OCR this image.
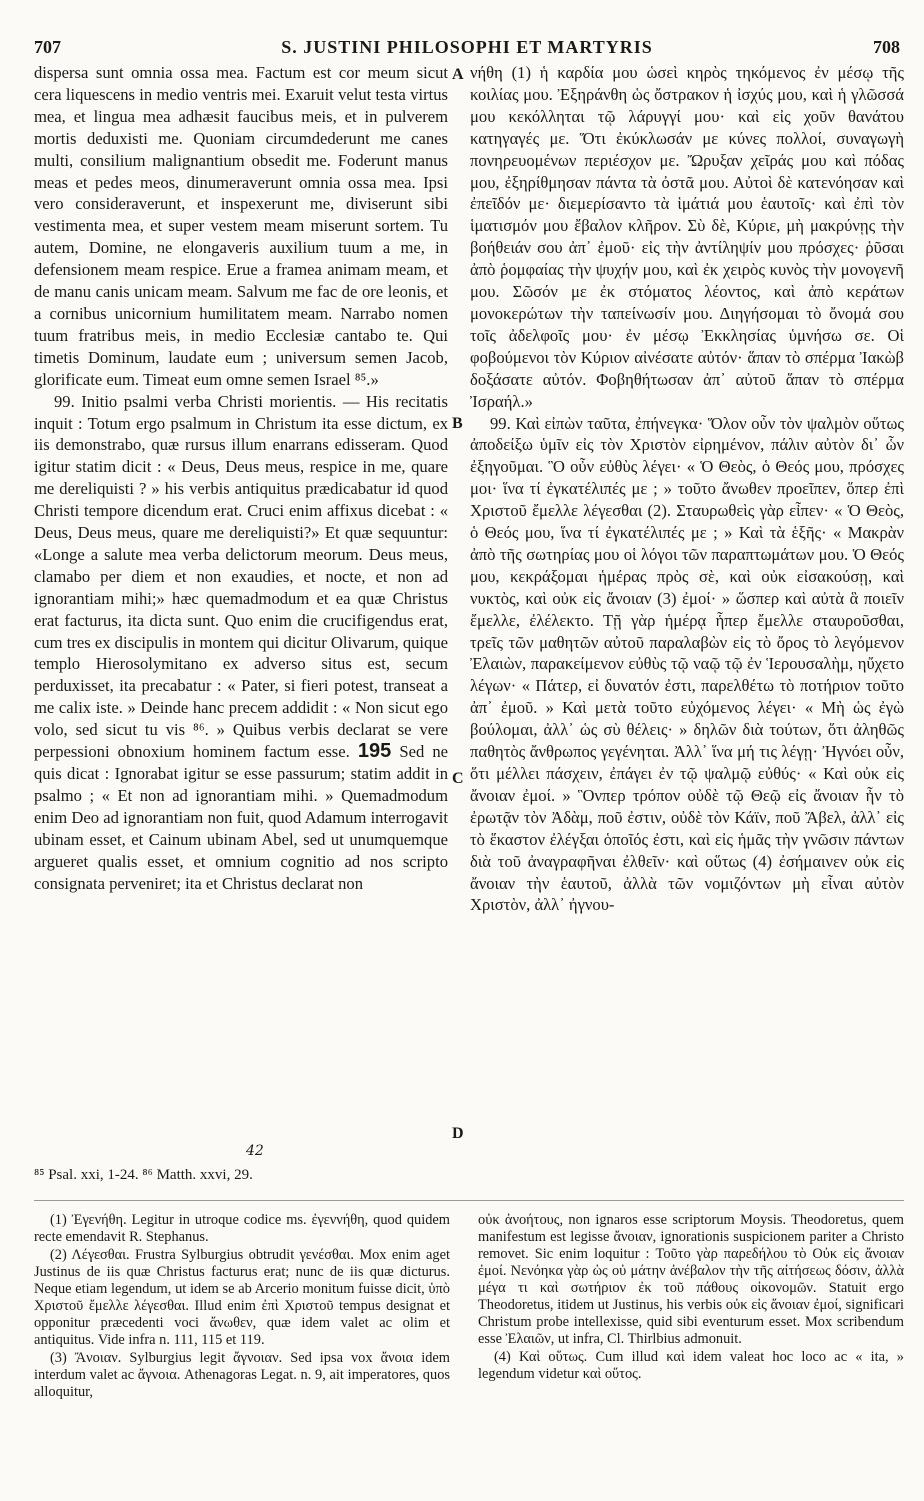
707	S. JUSTINI PHILOSOPHI ET MARTYRIS	708

dispersa sunt omnia ossa mea. Factum est cor meum sicut cera liquescens in medio ventris mei. Exaruit velut testa virtus mea, et lingua mea adhæsit faucibus meis, et in pulverem mortis deduxisti me. Quoniam circumdederunt me canes multi, consilium malignantium obsedit me. Foderunt manus meas et pedes meos, dinumeraverunt omnia ossa mea. Ipsi vero consideraverunt, et inspexerunt me, diviserunt sibi vestimenta mea, et super vestem meam miserunt sortem. Tu autem, Domine, ne elongaveris auxilium tuum a me, in defensionem meam respice. Erue a framea animam meam, et de manu canis unicam meam. Salvum me fac de ore leonis, et a cornibus unicornium humilitatem meam. Narrabo nomen tuum fratribus meis, in medio Ecclesiæ cantabo te. Qui timetis Dominum, laudate eum ; universum semen Jacob, glorificate eum. Timeat eum omne semen Israel ⁸⁵.»

99. Initio psalmi verba Christi morientis. — His recitatis inquit : Totum ergo psalmum in Christum ita esse dictum, ex iis demonstrabo, quæ rursus illum enarrans edisseram. Quod igitur statim dicit : « Deus, Deus meus, respice in me, quare me dereliquisti ? » his verbis antiquitus prædicabatur id quod Christi tempore dicendum erat. Cruci enim affixus dicebat : « Deus, Deus meus, quare me dereliquisti?» Et quæ sequuntur: «Longe a salute mea verba delictorum meorum. Deus meus, clamabo per diem et non exaudies, et nocte, et non ad ignorantiam mihi;» hæc quemadmodum et ea quæ Christus erat facturus, ita dicta sunt. Quo enim die crucifigendus erat, cum tres ex discipulis in montem qui dicitur Olivarum, quique templo Hierosolymitano ex adverso situs est, secum perduxisset, ita precabatur : « Pater, si fieri potest, transeat a me calix iste. » Deinde hanc precem addidit : « Non sicut ego volo, sed sicut tu vis ⁸⁶. » Quibus verbis declarat se vere perpessioni obnoxium hominem factum esse. 195 Sed ne quis dicat : Ignorabat igitur se esse passurum; statim addit in psalmo ; « Et non ad ignorantiam mihi. » Quemadmodum enim Deo ad ignorantiam non fuit, quod Adamum interrogavit ubinam esset, et Cainum ubinam Abel, sed ut unumquemque argueret qualis esset, et omnium cognitio ad nos scripto consignata perveniret; ita et Christus declarat non

A
B
C
D

νήθη (1) ἡ καρδία μου ὡσεὶ κηρὸς τηκόμενος ἐν μέσῳ τῆς κοιλίας μου. Ἐξηράνθη ὡς ὄστρακον ἡ ἰσχύς μου, καὶ ἡ γλῶσσά μου κεκόλληται τῷ λάρυγγί μου· καὶ εἰς χοῦν θανάτου κατηγαγές με. Ὅτι ἐκύκλωσάν με κύνες πολλοί, συναγωγὴ πονηρευομένων περιέσχον με. Ὤρυξαν χεῖράς μου καὶ πόδας μου, ἐξηρίθμησαν πάντα τὰ ὀστᾶ μου. Αὐτοὶ δὲ κατενόησαν καὶ ἐπεῖδόν με· διεμερίσαντο τὰ ἱμάτιά μου ἑαυτοῖς· καὶ ἐπὶ τὸν ἱματισμόν μου ἔβαλον κλῆρον. Σὺ δὲ, Κύριε, μὴ μακρύνῃς τὴν βοήθειάν σου ἀπ᾽ ἐμοῦ· εἰς τὴν ἀντίληψίν μου πρόσχες· ῥῦσαι ἀπὸ ῥομφαίας τὴν ψυχήν μου, καὶ ἐκ χειρὸς κυνὸς τὴν μονογενῆ μου. Σῶσόν με ἐκ στόματος λέοντος, καὶ ἀπὸ κεράτων μονοκερώτων τὴν ταπείνωσίν μου. Διηγήσομαι τὸ ὄνομά σου τοῖς ἀδελφοῖς μου· ἐν μέσῳ Ἐκκλησίας ὑμνήσω σε. Οἱ φοβούμενοι τὸν Κύριον αἰνέσατε αὐτόν· ἅπαν τὸ σπέρμα Ἰακὼβ δοξάσατε αὐτόν. Φοβηθήτωσαν ἀπ᾽ αὐτοῦ ἅπαν τὸ σπέρμα Ἰσραήλ.»

99. Καὶ εἰπὼν ταῦτα, ἐπήνεγκα· Ὅλον οὖν τὸν ψαλμὸν οὕτως ἀποδείξω ὑμῖν εἰς τὸν Χριστὸν εἰρημένον, πάλιν αὐτὸν δι᾽ ὧν ἐξηγοῦμαι. Ὃ οὖν εὐθὺς λέγει· « Ὁ Θεὸς, ὁ Θεός μου, πρόσχες μοι· ἵνα τί ἐγκατέλιπές με ; » τοῦτο ἄνωθεν προεῖπεν, ὅπερ ἐπὶ Χριστοῦ ἔμελλε λέγεσθαι (2). Σταυρωθεὶς γὰρ εἶπεν· « Ὁ Θεὸς, ὁ Θεός μου, ἵνα τί ἐγκατέλιπές με ; » Καὶ τὰ ἑξῆς· « Μακρὰν ἀπὸ τῆς σωτηρίας μου οἱ λόγοι τῶν παραπτωμάτων μου. Ὁ Θεός μου, κεκράξομαι ἡμέρας πρὸς σὲ, καὶ οὐκ εἰσακούσῃ, καὶ νυκτὸς, καὶ οὐκ εἰς ἄνοιαν (3) ἐμοί· » ὥσπερ καὶ αὐτὰ ἃ ποιεῖν ἔμελλε, ἐλέλεκτο. Τῇ γὰρ ἡμέρᾳ ἧπερ ἔμελλε σταυροῦσθαι, τρεῖς τῶν μαθητῶν αὐτοῦ παραλαβὼν εἰς τὸ ὄρος τὸ λεγόμενον Ἐλαιὼν, παρακείμενον εὐθὺς τῷ ναῷ τῷ ἐν Ἱερουσαλὴμ, ηὔχετο λέγων· « Πάτερ, εἰ δυνατόν ἐστι, παρελθέτω τὸ ποτήριον τοῦτο ἀπ᾽ ἐμοῦ. » Καὶ μετὰ τοῦτο εὐχόμενος λέγει· « Μὴ ὡς ἐγὼ βούλομαι, ἀλλ᾽ ὡς σὺ θέλεις· » δηλῶν διὰ τούτων, ὅτι ἀληθῶς παθητὸς ἄνθρωπος γεγένηται. Ἀλλ᾽ ἵνα μή τις λέγῃ· Ἠγνόει οὖν, ὅτι μέλλει πάσχειν, ἐπάγει ἐν τῷ ψαλμῷ εὐθύς· « Καὶ οὐκ εἰς ἄνοιαν ἐμοί. » Ὃνπερ τρόπον οὐδὲ τῷ Θεῷ εἰς ἄνοιαν ἦν τὸ ἐρωτᾷν τὸν Ἀδὰμ, ποῦ ἐστιν, οὐδὲ τὸν Κάϊν, ποῦ Ἄβελ, ἀλλ᾽ εἰς τὸ ἕκαστον ἐλέγξαι ὁποῖός ἐστι, καὶ εἰς ἡμᾶς τὴν γνῶσιν πάντων διὰ τοῦ ἀναγραφῆναι ἐλθεῖν· καὶ οὕτως (4) ἐσήμαινεν οὐκ εἰς ἄνοιαν τὴν ἑαυτοῦ, ἀλλὰ τῶν νομιζόντων μὴ εἶναι αὐτὸν Χριστὸν, ἀλλ᾽ ἠγνου-

42
⁸⁵ Psal. xxi, 1-24. ⁸⁶ Matth. xxvi, 29.

(1) Ἐγενήθη. Legitur in utroque codice ms. ἐγεννήθη, quod quidem recte emendavit R. Stephanus.

(2) Λέγεσθαι. Frustra Sylburgius obtrudit γενέσθαι. Mox enim aget Justinus de iis quæ Christus facturus erat; nunc de iis quæ dicturus. Neque etiam legendum, ut idem se ab Arcerio monitum fuisse dicit, ὑπὸ Χριστοῦ ἔμελλε λέγεσθαι. Illud enim ἐπὶ Χριστοῦ tempus designat et opponitur præcedenti voci ἄνωθεν, quæ idem valet ac olim et antiquitus. Vide infra n. 111, 115 et 119.

(3) Ἄνοιαν. Sylburgius legit ἄγνοιαν. Sed ipsa vox ἄνοια idem interdum valet ac ἄγνοια. Athenagoras Legat. n. 9, ait imperatores, quos alloquitur,

οὐκ ἀνοήτους, non ignaros esse scriptorum Moysis. Theodoretus, quem manifestum est legisse ἄνοιαν, ignorationis suspicionem pariter a Christo removet. Sic enim loquitur : Τοῦτο γὰρ παρεδήλου τὸ Οὐκ εἰς ἄνοιαν ἐμοί. Νενόηκα γὰρ ὡς οὐ μάτην ἀνέβαλον τὴν τῆς αἰτήσεως δόσιν, ἀλλὰ μέγα τι καὶ σωτήριον ἐκ τοῦ πάθους οἰκονομῶν. Statuit ergo Theodoretus, itidem ut Justinus, his verbis οὐκ εἰς ἄνοιαν ἐμοί, significari Christum probe intellexisse, quid sibi eventurum esset. Mox scribendum esse Ἐλαιῶν, ut infra, Cl. Thirlbius admonuit.

(4) Καὶ οὕτως. Cum illud καὶ idem valeat hoc loco ac « ita, » legendum videtur καὶ οὕτος.
